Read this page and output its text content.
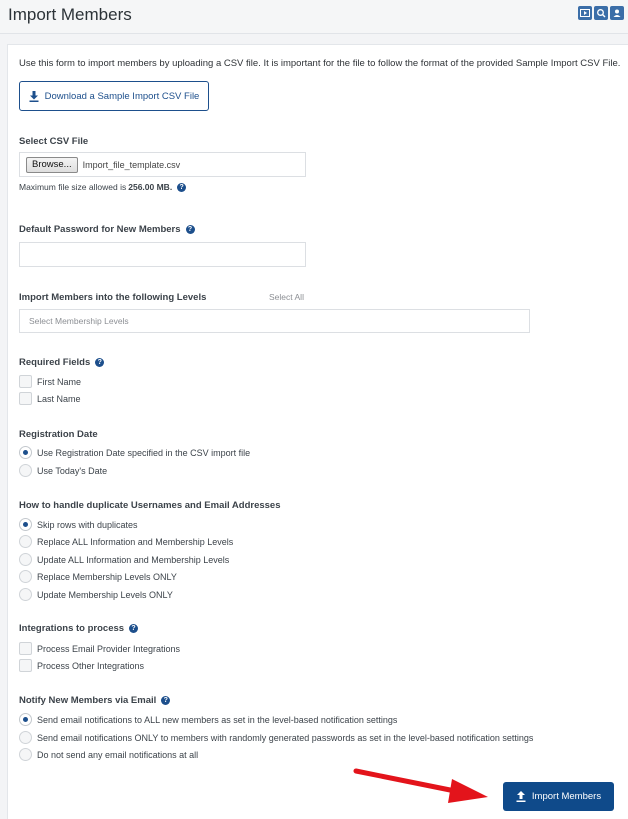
Import Members
Use this form to import members by uploading a CSV file. It is important for the file to follow the format of the provided Sample Import CSV File.
Download a Sample Import CSV File
Select CSV File
Browse...	Import_file_template.csv
Maximum file size allowed is 256.00 MB.	?
Default Password for New Members	?
Import Members into the following Levels	Select All
Select Membership Levels
Required Fields	?
First Name
Last Name
Registration Date
Use Registration Date specified in the CSV import file
Use Today's Date
How to handle duplicate Usernames and Email Addresses
Skip rows with duplicates
Replace ALL Information and Membership Levels
Update ALL Information and Membership Levels
Replace Membership Levels ONLY
Update Membership Levels ONLY
Integrations to process	?
Process Email Provider Integrations
Process Other Integrations
Notify New Members via Email	?
Send email notifications to ALL new members as set in the level-based notification settings
Send email notifications ONLY to members with randomly generated passwords as set in the level-based notification settings
Do not send any email notifications at all
Import Members
